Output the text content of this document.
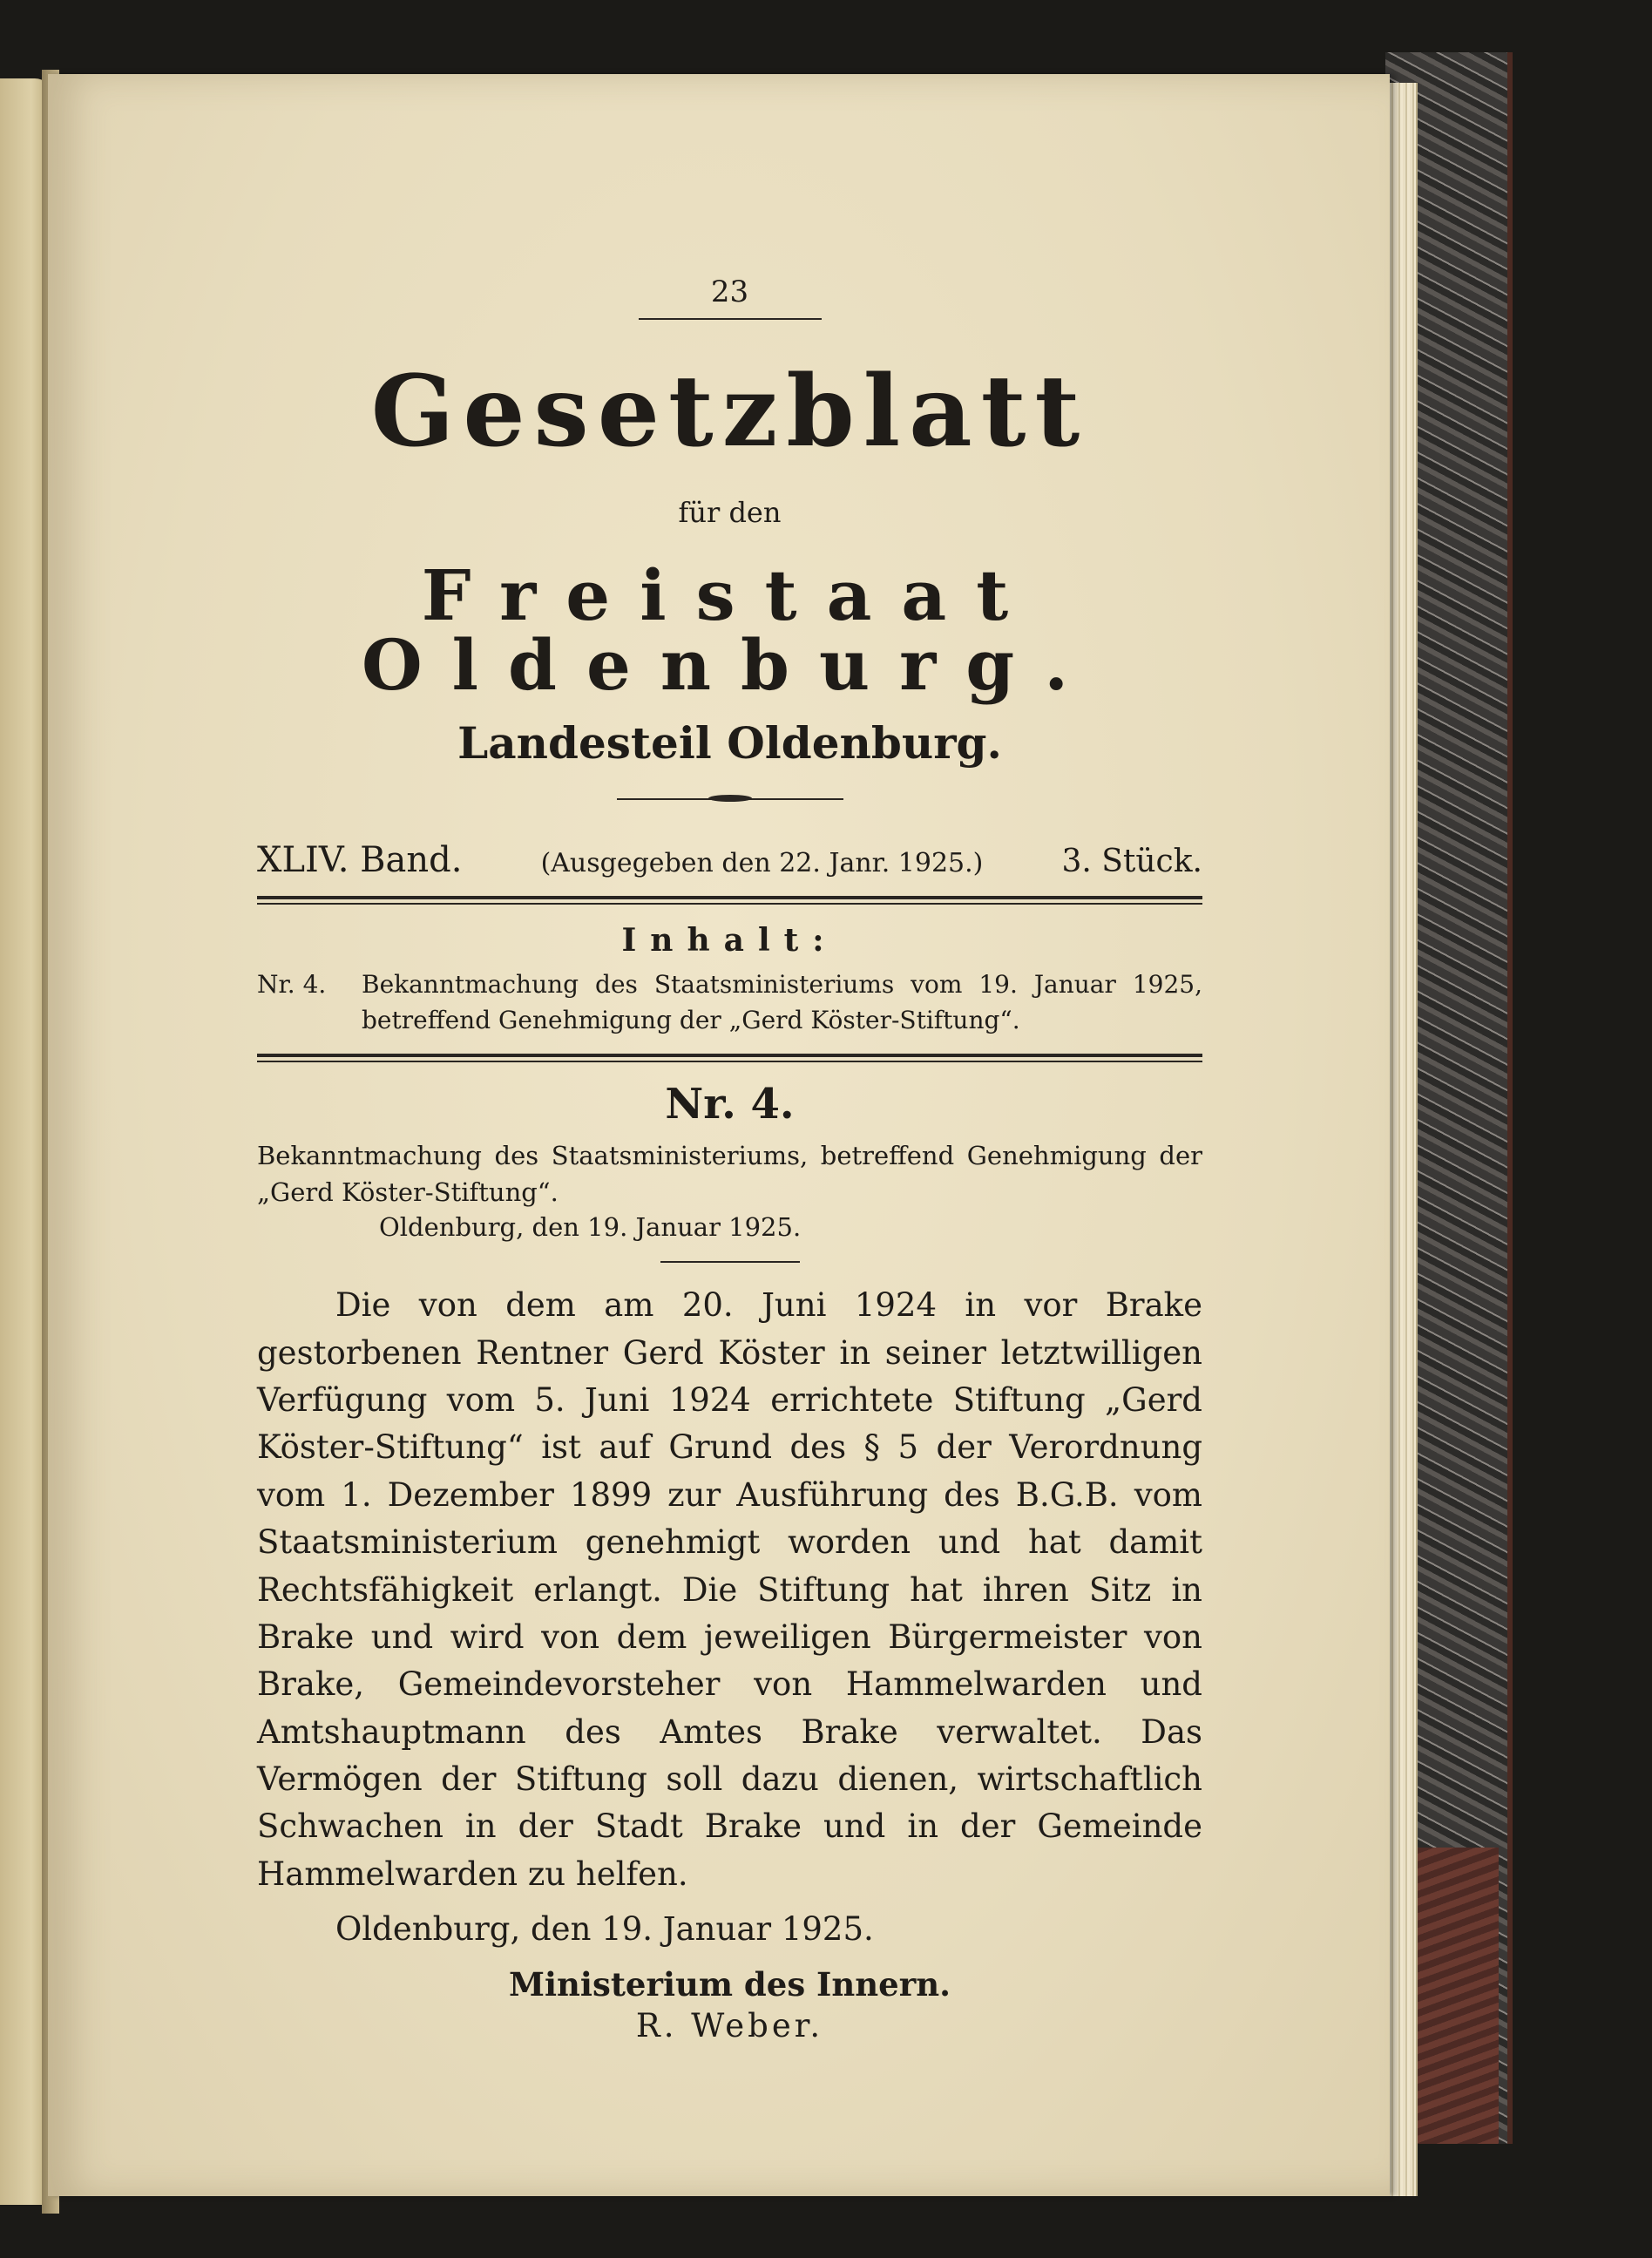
23
Gesetzblatt
für den
Freistaat Oldenburg.
Landesteil Oldenburg.
XLIV. Band.	(Ausgegeben den 22. Janr. 1925.)	3. Stück.
Inhalt:
Nr. 4.	Bekanntmachung des Staatsministeriums vom 19. Januar 1925, betreffend Genehmigung der „Gerd Köster-Stiftung“.
Nr. 4.
Bekanntmachung des Staatsministeriums, betreffend Genehmigung der „Gerd Köster-Stiftung“.
Oldenburg, den 19. Januar 1925.
Die von dem am 20. Juni 1924 in vor Brake gestorbenen Rentner Gerd Köster in seiner letztwilligen Verfügung vom 5. Juni 1924 errichtete Stiftung „Gerd Köster-Stiftung“ ist auf Grund des § 5 der Verordnung vom 1. Dezember 1899 zur Ausführung des B.G.B. vom Staatsministerium genehmigt worden und hat damit Rechtsfähigkeit erlangt. Die Stiftung hat ihren Sitz in Brake und wird von dem jeweiligen Bürgermeister von Brake, Gemeindevorsteher von Hammelwarden und Amtshauptmann des Amtes Brake verwaltet. Das Vermögen der Stiftung soll dazu dienen, wirtschaftlich Schwachen in der Stadt Brake und in der Gemeinde Hammelwarden zu helfen.
Oldenburg, den 19. Januar 1925.
Ministerium des Innern.
R. Weber.
